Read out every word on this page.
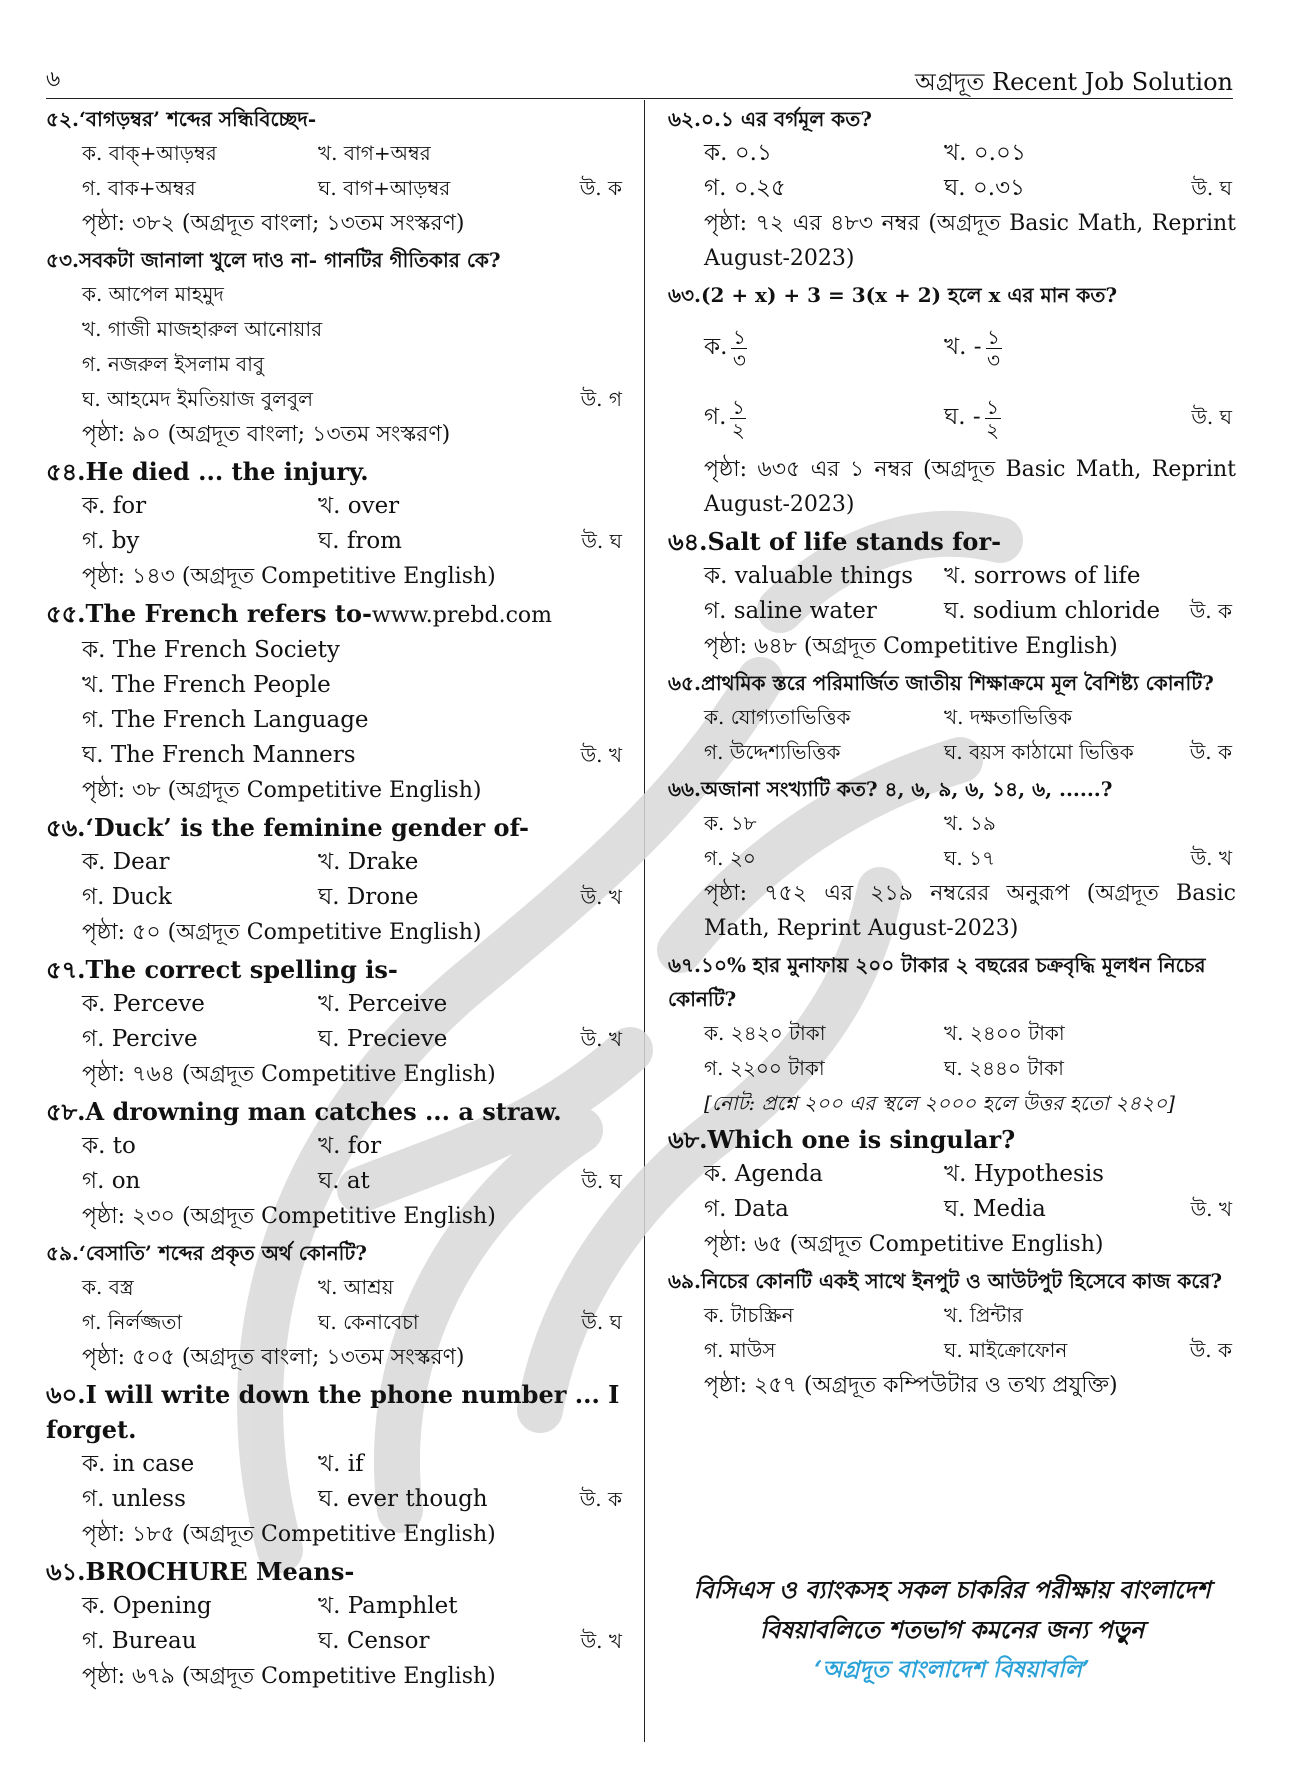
৬	অগ্রদূত Recent Job Solution
৫২.‘বাগড়ম্বর’ শব্দের সন্ধিবিচ্ছেদ-
ক. বাক্‌+আড়ম্বর	খ. বাগ+অম্বর
গ. বাক+অম্বর	ঘ. বাগ+আড়ম্বর	উ. ক
পৃষ্ঠা: ৩৮২ (অগ্রদূত বাংলা; ১৩তম সংস্করণ)
৫৩.সবকটা জানালা খুলে দাও না- গানটির গীতিকার কে?
ক. আপেল মাহমুদ
খ. গাজী মাজহারুল আনোয়ার
গ. নজরুল ইসলাম বাবু
ঘ. আহমেদ ইমতিয়াজ বুলবুল	উ. গ
পৃষ্ঠা: ৯০ (অগ্রদূত বাংলা; ১৩তম সংস্করণ)
৫৪.He died ... the injury.
ক. for	খ. over
গ. by	ঘ. from	উ. ঘ
পৃষ্ঠা: ১৪৩ (অগ্রদূত Competitive English)
৫৫.The French refers to-www.prebd.com
ক. The French Society
খ. The French People
গ. The French Language
ঘ. The French Manners	উ. খ
পৃষ্ঠা: ৩৮ (অগ্রদূত Competitive English)
৫৬.‘Duck’ is the feminine gender of-
ক. Dear	খ. Drake
গ. Duck	ঘ. Drone	উ. খ
পৃষ্ঠা: ৫০ (অগ্রদূত Competitive English)
৫৭.The correct spelling is-
ক. Perceve	খ. Perceive
গ. Percive	ঘ. Precieve	উ. খ
পৃষ্ঠা: ৭৬৪ (অগ্রদূত Competitive English)
৫৮.A drowning man catches ... a straw.
ক. to	খ. for
গ. on	ঘ. at	উ. ঘ
পৃষ্ঠা: ২৩০ (অগ্রদূত Competitive English)
৫৯.‘বেসাতি’ শব্দের প্রকৃত অর্থ কোনটি?
ক. বস্ত্র	খ. আশ্রয়
গ. নির্লজ্জতা	ঘ. কেনাবেচা	উ. ঘ
পৃষ্ঠা: ৫০৫ (অগ্রদূত বাংলা; ১৩তম সংস্করণ)
৬০.I will write down the phone number ... I forget.
ক. in case	খ. if
গ. unless	ঘ. ever though	উ. ক
পৃষ্ঠা: ১৮৫ (অগ্রদূত Competitive English)
৬১.BROCHURE Means-
ক. Opening	খ. Pamphlet
গ. Bureau	ঘ. Censor	উ. খ
পৃষ্ঠা: ৬৭৯ (অগ্রদূত Competitive English)
৬২.০.১ এর বর্গমূল কত?
ক. ০.১	খ. ০.০১
গ. ০.২৫	ঘ. ০.৩১	উ. ঘ
পৃষ্ঠা: ৭২ এর ৪৮৩ নম্বর (অগ্রদূত Basic Math, Reprint August-2023)
৬৩.(2 + x) + 3 = 3(x + 2) হলে x এর মান কত?
ক. $\frac{১}{৩}$	খ. - $\frac{১}{৩}$
গ. $\frac{১}{২}$	ঘ. - $\frac{১}{২}$	উ. ঘ
পৃষ্ঠা: ৬৩৫ এর ১ নম্বর (অগ্রদূত Basic Math, Reprint August-2023)
৬৪.Salt of life stands for-
ক. valuable things	খ. sorrows of life
গ. saline water	ঘ. sodium chloride উ. ক
পৃষ্ঠা: ৬৪৮ (অগ্রদূত Competitive English)
৬৫.প্রাথমিক স্তরে পরিমার্জিত জাতীয় শিক্ষাক্রমে মূল বৈশিষ্ট্য কোনটি?
ক. যোগ্যতাভিত্তিক	খ. দক্ষতাভিত্তিক
গ. উদ্দেশ্যভিত্তিক	ঘ. বয়স কাঠামো ভিত্তিক	উ. ক
৬৬.অজানা সংখ্যাটি কত? ৪, ৬, ৯, ৬, ১৪, ৬, ......?
ক. ১৮	খ. ১৯
গ. ২০	ঘ. ১৭	উ. খ
পৃষ্ঠা: ৭৫২ এর ২১৯ নম্বরের অনুরূপ (অগ্রদূত Basic Math, Reprint August-2023)
৬৭.১০% হার মুনাফায় ২০০ টাকার ২ বছরের চক্রবৃদ্ধি মূলধন নিচের কোনটি?
ক. ২৪২০ টাকা	খ. ২৪০০ টাকা
গ. ২২০০ টাকা	ঘ. ২৪৪০ টাকা
[নোট: প্রশ্নে ২০০ এর স্থলে ২০০০ হলে উত্তর হতো ২৪২০]
৬৮.Which one is singular?
ক. Agenda	খ. Hypothesis
গ. Data	ঘ. Media	উ. খ
পৃষ্ঠা: ৬৫ (অগ্রদূত Competitive English)
৬৯.নিচের কোনটি একই সাথে ইনপুট ও আউটপুট হিসেবে কাজ করে?
ক. টাচস্ক্রিন	খ. প্রিন্টার
গ. মাউস	ঘ. মাইক্রোফোন	উ. ক
পৃষ্ঠা: ২৫৭ (অগ্রদূত কম্পিউটার ও তথ্য প্রযুক্তি)
বিসিএস ও ব্যাংকসহ সকল চাকরির পরীক্ষায় বাংলাদেশ
বিষয়াবলিতে শতভাগ কমনের জন্য পড়ুন
‘অগ্রদূত বাংলাদেশ বিষয়াবলি’
